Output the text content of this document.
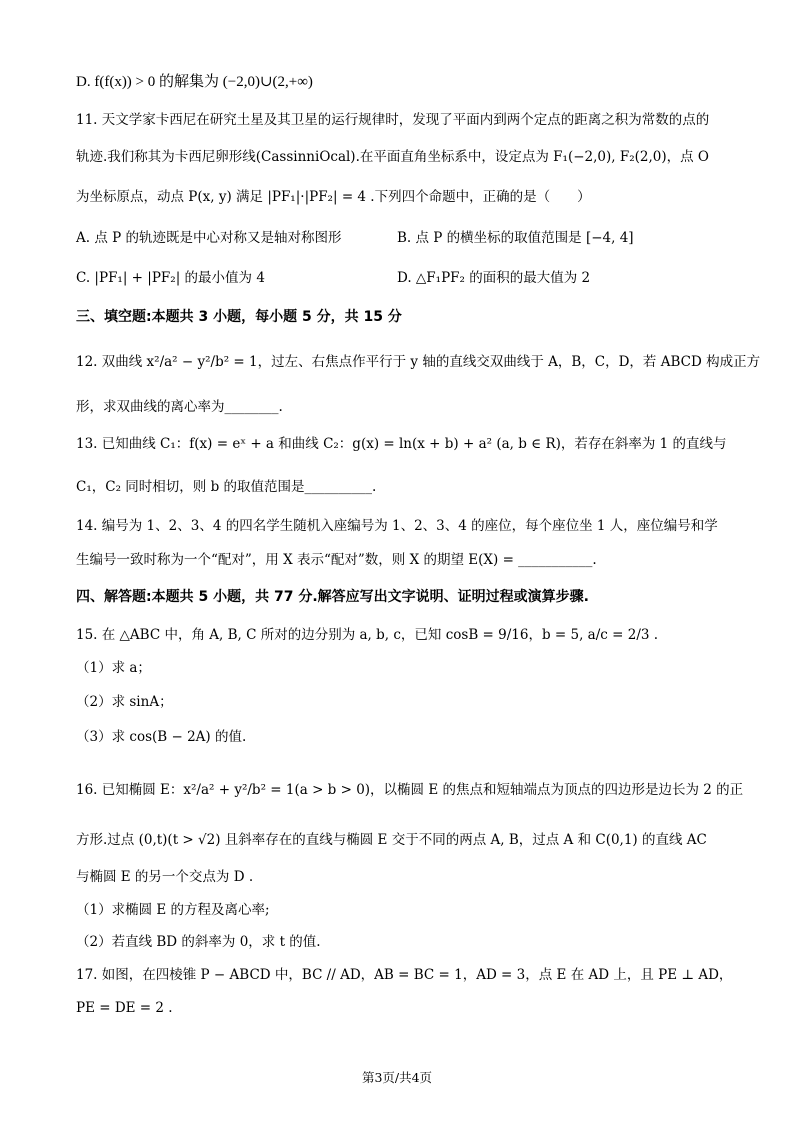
D. f(f(x)) > 0 的解集为 (−2,0)∪(2,+∞)
11. 天文学家卡西尼在研究土星及其卫星的运行规律时，发现了平面内到两个定点的距离之积为常数的点的
轨迹.我们称其为卡西尼卵形线(CassinniOcal).在平面直角坐标系中，设定点为 F₁(−2,0), F₂(2,0)，点 O
为坐标原点，动点 P(x, y) 满足 |PF₁|·|PF₂| = 4 .下列四个命题中，正确的是（　　）
A. 点 P 的轨迹既是中心对称又是轴对称图形	B. 点 P 的横坐标的取值范围是 [−4, 4]
C. |PF₁| + |PF₂| 的最小值为 4	D. △F₁PF₂ 的面积的最大值为 2
三、填空题:本题共 3 小题，每小题 5 分，共 15 分
12. 双曲线 x²/a² − y²/b² = 1，过左、右焦点作平行于 y 轴的直线交双曲线于 A，B，C，D，若 ABCD 构成正方
形，求双曲线的离心率为________.
13. 已知曲线 C₁：f(x) = eˣ + a 和曲线 C₂：g(x) = ln(x + b) + a² (a, b ∈ R)，若存在斜率为 1 的直线与
C₁，C₂ 同时相切，则 b 的取值范围是__________.
14. 编号为 1、2、3、4 的四名学生随机入座编号为 1、2、3、4 的座位，每个座位坐 1 人，座位编号和学
生编号一致时称为一个“配对”，用 X 表示“配对”数，则 X 的期望 E(X) = ___________.
四、解答题:本题共 5 小题，共 77 分.解答应写出文字说明、证明过程或演算步骤.
15. 在 △ABC 中，角 A, B, C 所对的边分别为 a, b, c，已知 cosB = 9/16，b = 5, a/c = 2/3 .
（1）求 a；
（2）求 sinA；
（3）求 cos(B − 2A) 的值.
16. 已知椭圆 E：x²/a² + y²/b² = 1(a > b > 0)，以椭圆 E 的焦点和短轴端点为顶点的四边形是边长为 2 的正
方形.过点 (0,t)(t > √2) 且斜率存在的直线与椭圆 E 交于不同的两点 A, B，过点 A 和 C(0,1) 的直线 AC
与椭圆 E 的另一个交点为 D .
（1）求椭圆 E 的方程及离心率;
（2）若直线 BD 的斜率为 0，求 t 的值.
17. 如图，在四棱锥 P − ABCD 中，BC // AD，AB = BC = 1，AD = 3，点 E 在 AD 上，且 PE ⊥ AD，
PE = DE = 2 .
第3页/共4页
